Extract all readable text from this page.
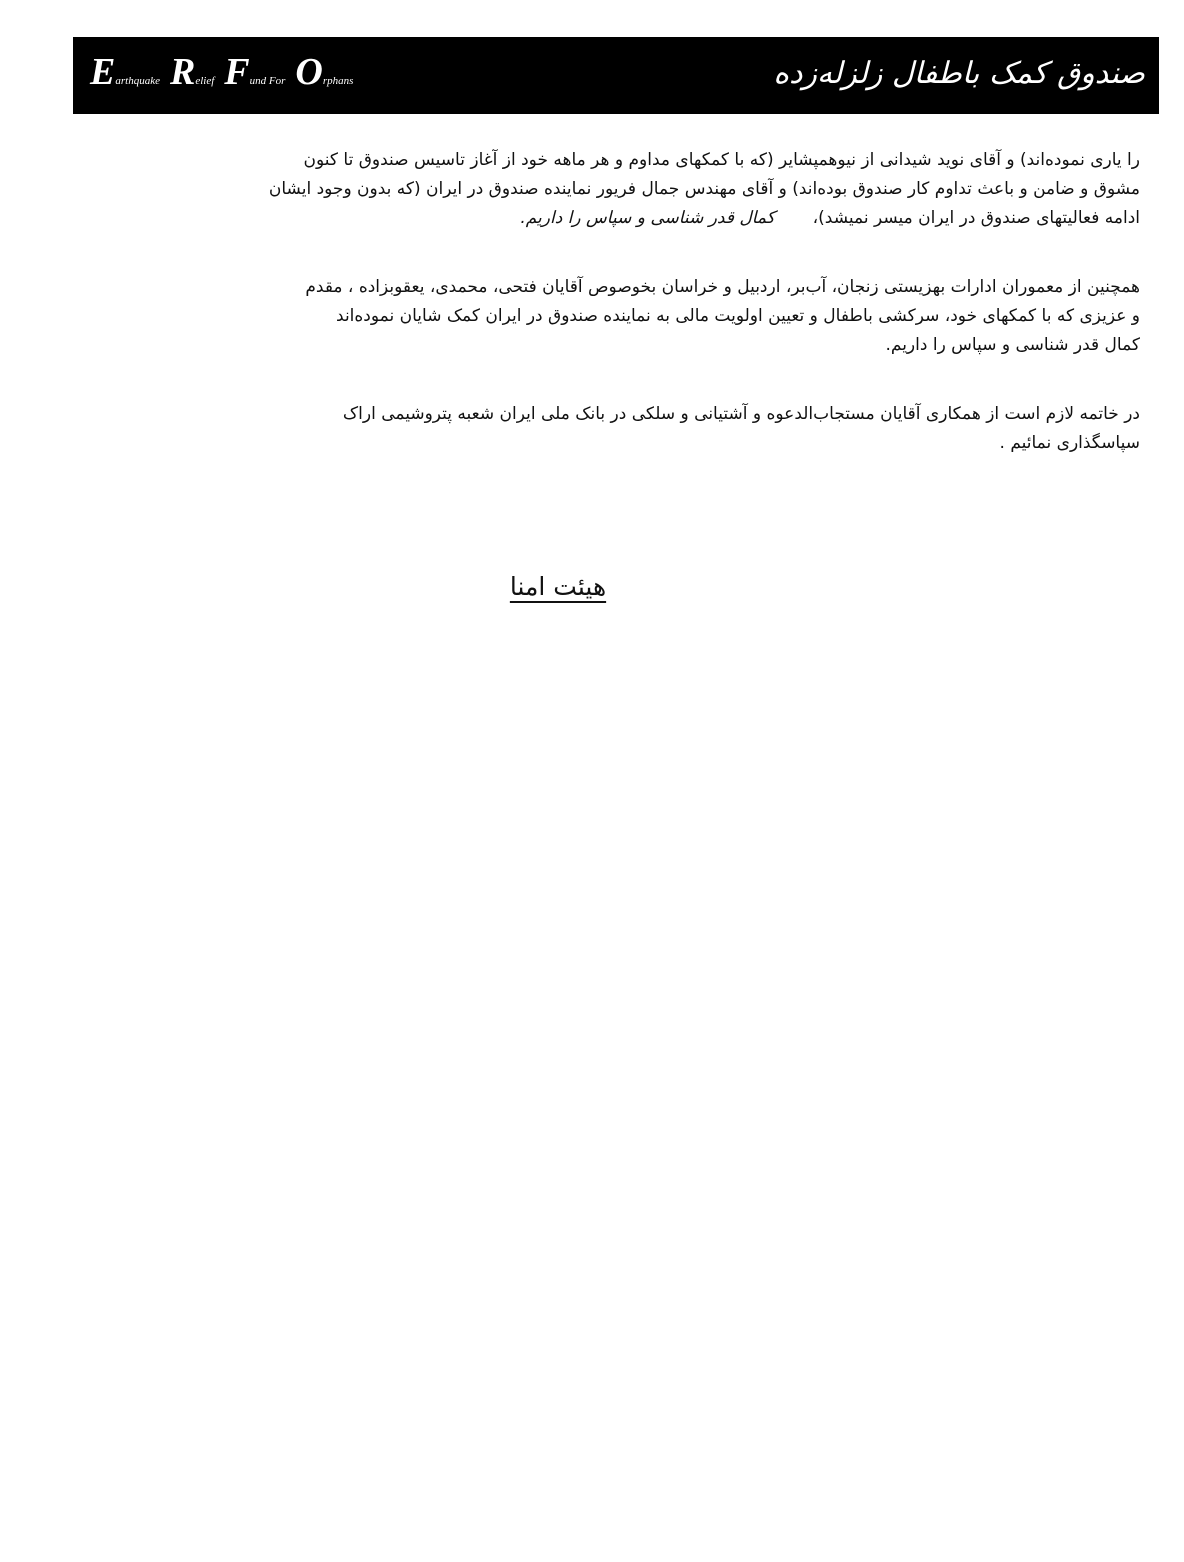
Earthquake Relief Fund For Orphans	صندوق کمک باطفال زلزله‌زده

را یاری نموده‌اند) و آقای نوید شیدانی از نیوهمپشایر (که با کمکهای مداوم و هر ماهه خود از آغاز تاسیس صندوق تا کنون
مشوق و ضامن و باعث تداوم کار صندوق بوده‌اند) و آقای مهندس جمال فریور نماینده صندوق در ایران (که بدون وجود ایشان
ادامه فعالیتهای صندوق در ایران میسر نمیشد)،       کمال قدر شناسی و سپاس را داریم.

همچنین از معموران ادارات بهزیستی زنجان، آب‌بر، اردبیل و خراسان بخوصوص آقایان فتحی، محمدی، یعقوبزاده ، مقدم
و عزیزی که با کمکهای خود، سرکشی باطفال و تعیین اولویت مالی به نماینده صندوق در ایران کمک شایان نموده‌اند
کمال قدر شناسی و سپاس را داریم.

در خاتمه لازم است از همکاری آقایان مستجاب‌الدعوه و آشتیانی و سلکی در بانک ملی ایران شعبه پتروشیمی اراک
سپاسگذاری نمائیم .

هیئت امنا
